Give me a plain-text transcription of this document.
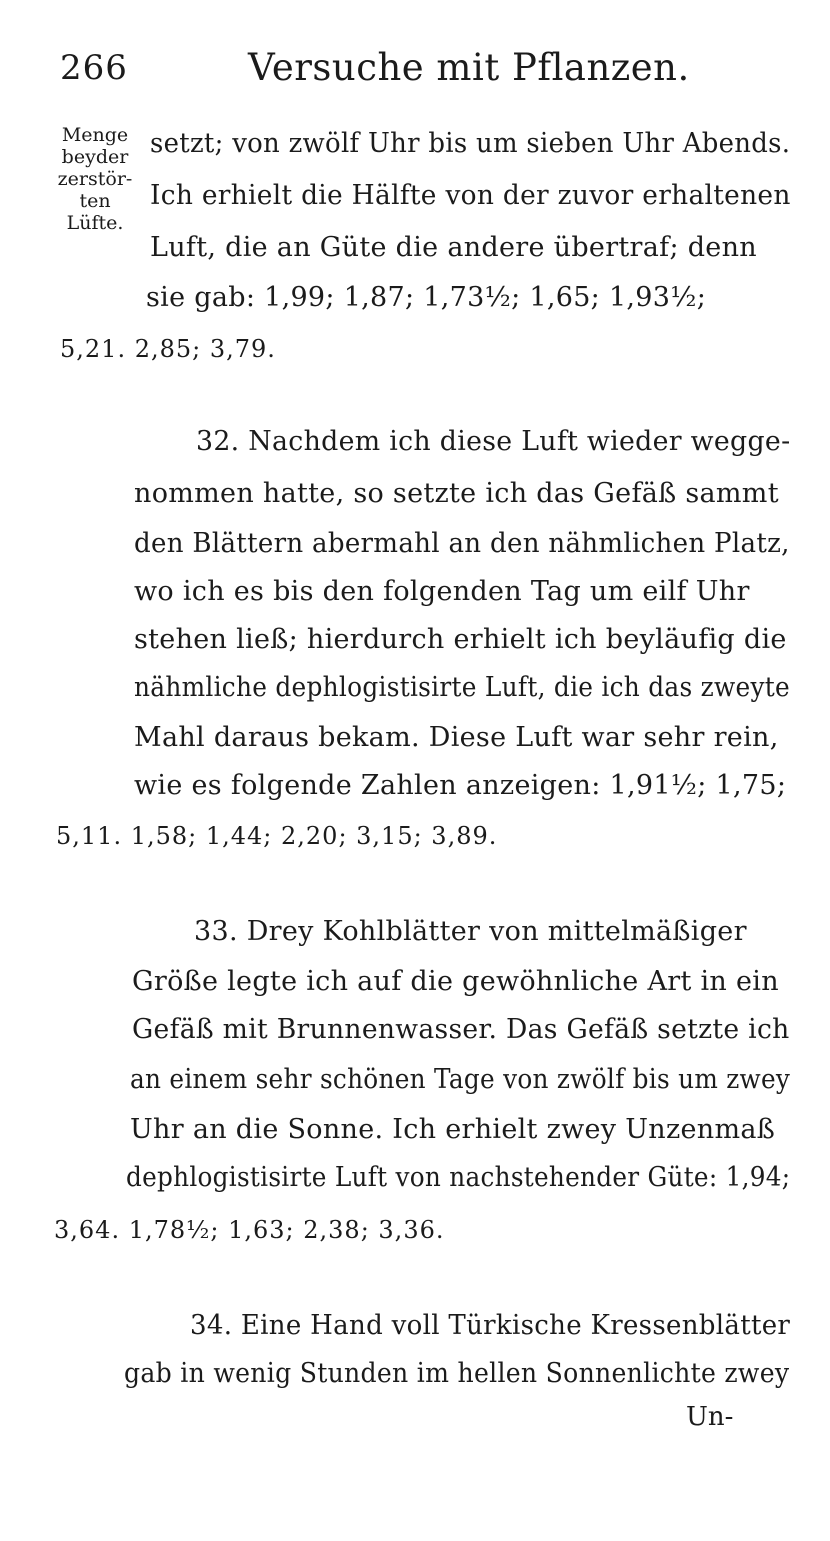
266	Versuche mit Pflanzen.
Menge
beyder
zerstör-
ten
Lüfte.
setzt; von zwölf Uhr bis um sieben Uhr Abends.
Ich erhielt die Hälfte von der zuvor erhaltenen
Luft, die an Güte die andere übertraf; denn
sie gab: 1,99; 1,87; 1,73½; 1,65; 1,93½;
5,21. 2,85; 3,79.
32. Nachdem ich diese Luft wieder wegge-
nommen hatte, so setzte ich das Gefäß sammt
den Blättern abermahl an den nähmlichen Platz,
wo ich es bis den folgenden Tag um eilf Uhr
stehen ließ; hierdurch erhielt ich beyläufig die
nähmliche dephlogistisirte Luft, die ich das zweyte
Mahl daraus bekam. Diese Luft war sehr rein,
wie es folgende Zahlen anzeigen: 1,91½; 1,75;
5,11. 1,58; 1,44; 2,20; 3,15; 3,89.
33. Drey Kohlblätter von mittelmäßiger
Größe legte ich auf die gewöhnliche Art in ein
Gefäß mit Brunnenwasser. Das Gefäß setzte ich
an einem sehr schönen Tage von zwölf bis um zwey
Uhr an die Sonne. Ich erhielt zwey Unzenmaß
dephlogistisirte Luft von nachstehender Güte: 1,94;
3,64. 1,78½; 1,63; 2,38; 3,36.
34. Eine Hand voll Türkische Kressenblätter
gab in wenig Stunden im hellen Sonnenlichte zwey
Un-
